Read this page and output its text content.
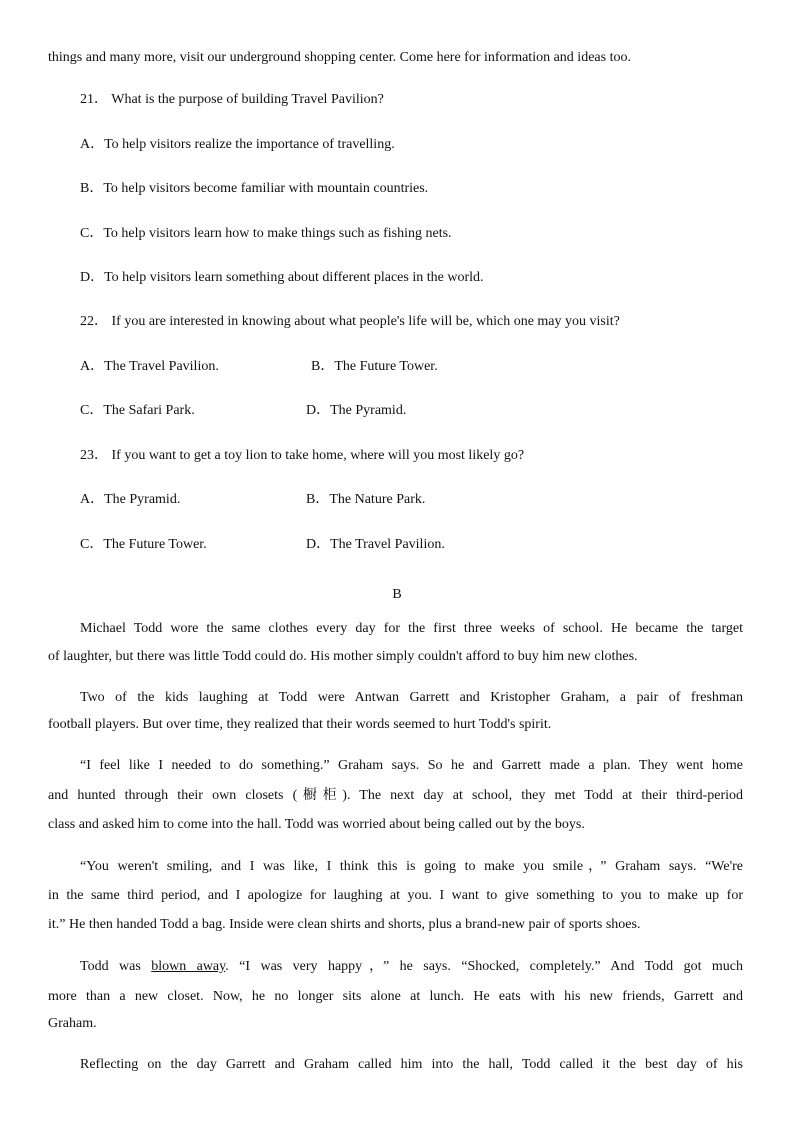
things and many more, visit our underground shopping center. Come here for information and ideas too.
21． What is the purpose of building Travel Pavilion?
A．To help visitors realize the importance of travelling.
B．To help visitors become familiar with mountain countries.
C．To help visitors learn how to make things such as fishing nets.
D．To help visitors learn something about different places in the world.
22． If you are interested in knowing about what people's life will be, which one may you visit?
A．The Travel Pavilion.	B．The Future Tower.
C．The Safari Park.	D．The Pyramid.
23． If you want to get a toy lion to take home, where will you most likely go?
A．The Pyramid.	B．The Nature Park.
C．The Future Tower.	D．The Travel Pavilion.
B
Michael Todd wore the same clothes every day for the first three weeks of school. He became the target
of laughter, but there was little Todd could do. His mother simply couldn't afford to buy him new clothes.
Two of the kids laughing at Todd were Antwan Garrett and Kristopher Graham, a pair of freshman
football players. But over time, they realized that their words seemed to hurt Todd's spirit.
“I feel like I needed to do something.” Graham says. So he and Garrett made a plan. They went home
and hunted through their own closets (橱柜). The next day at school, they met Todd at their third-period
class and asked him to come into the hall. Todd was worried about being called out by the boys.
“You weren't smiling, and I was like, I think this is going to make you smile，” Graham says. “We're
in the same third period, and I apologize for laughing at you. I want to give something to you to make up for
it.” He then handed Todd a bag. Inside were clean shirts and shorts, plus a brand-new pair of sports shoes.
Todd was blown away. “I was very happy，” he says. “Shocked, completely.” And Todd got much
more than a new closet. Now, he no longer sits alone at lunch. He eats with his new friends, Garrett and
Graham.
Reflecting on the day Garrett and Graham called him into the hall, Todd called it the best day of his
